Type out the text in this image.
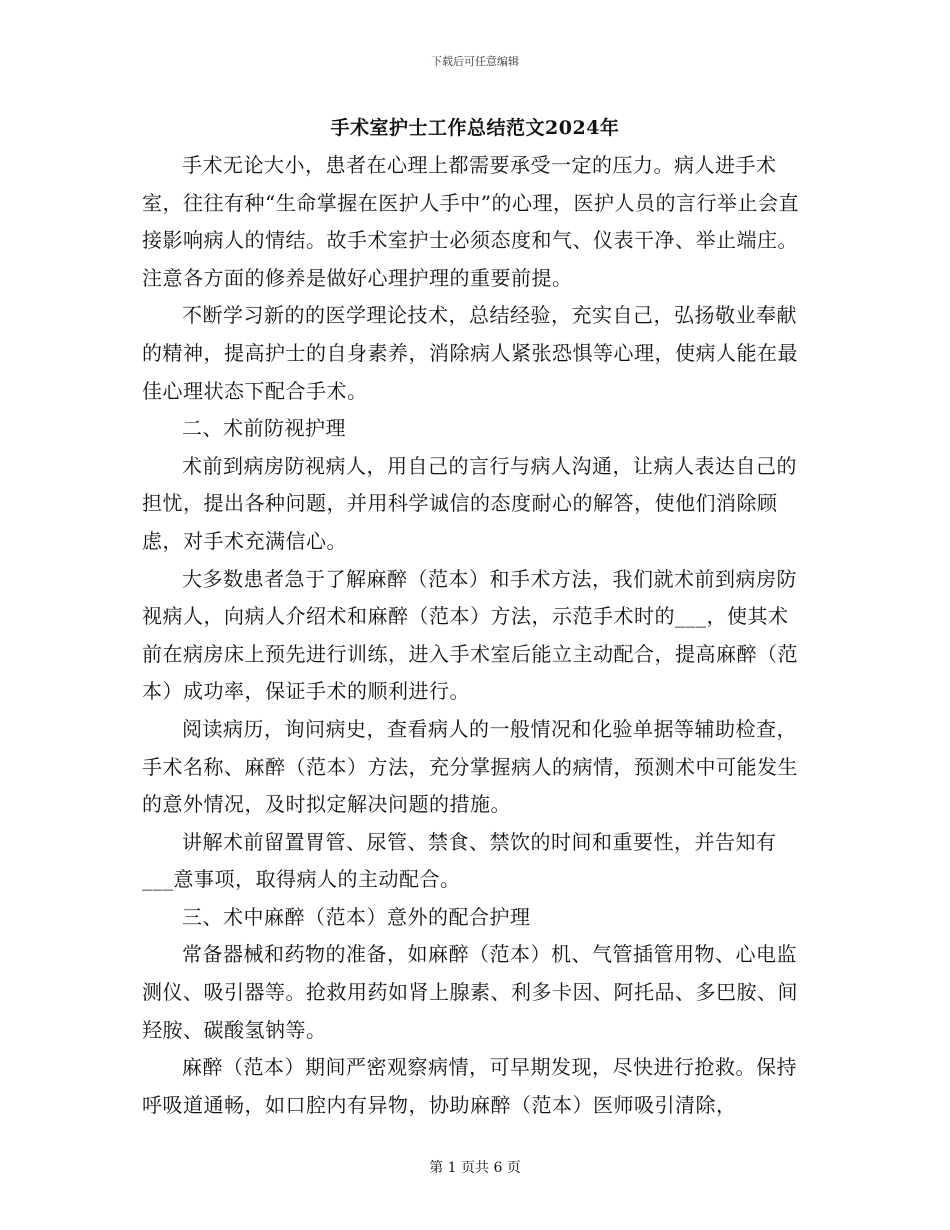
下载后可任意编辑
手术室护士工作总结范文2024年

手术无论大小，患者在心理上都需要承受一定的压力。病人进手术室，往往有种“生命掌握在医护人手中”的心理，医护人员的言行举止会直接影响病人的情结。故手术室护士必须态度和气、仪表干净、举止端庄。注意各方面的修养是做好心理护理的重要前提。

不断学习新的的医学理论技术，总结经验，充实自己，弘扬敬业奉献的精神，提高护士的自身素养，消除病人紧张恐惧等心理，使病人能在最佳心理状态下配合手术。

二、术前防视护理

术前到病房防视病人，用自己的言行与病人沟通，让病人表达自己的担忧，提出各种问题，并用科学诚信的态度耐心的解答，使他们消除顾虑，对手术充满信心。

大多数患者急于了解麻醉（范本）和手术方法，我们就术前到病房防视病人，向病人介绍术和麻醉（范本）方法，示范手术时的___，使其术前在病房床上预先进行训练，进入手术室后能立主动配合，提高麻醉（范本）成功率，保证手术的顺利进行。

阅读病历，询问病史，查看病人的一般情况和化验单据等辅助检查，手术名称、麻醉（范本）方法，充分掌握病人的病情，预测术中可能发生的意外情况，及时拟定解决问题的措施。

讲解术前留置胃管、尿管、禁食、禁饮的时间和重要性，并告知有___意事项，取得病人的主动配合。

三、术中麻醉（范本）意外的配合护理

常备器械和药物的准备，如麻醉（范本）机、气管插管用物、心电监测仪、吸引器等。抢救用药如肾上腺素、利多卡因、阿托品、多巴胺、间羟胺、碳酸氢钠等。

麻醉（范本）期间严密观察病情，可早期发现，尽快进行抢救。保持呼吸道通畅，如口腔内有异物，协助麻醉（范本）医师吸引清除，

第 1 页共 6 页
